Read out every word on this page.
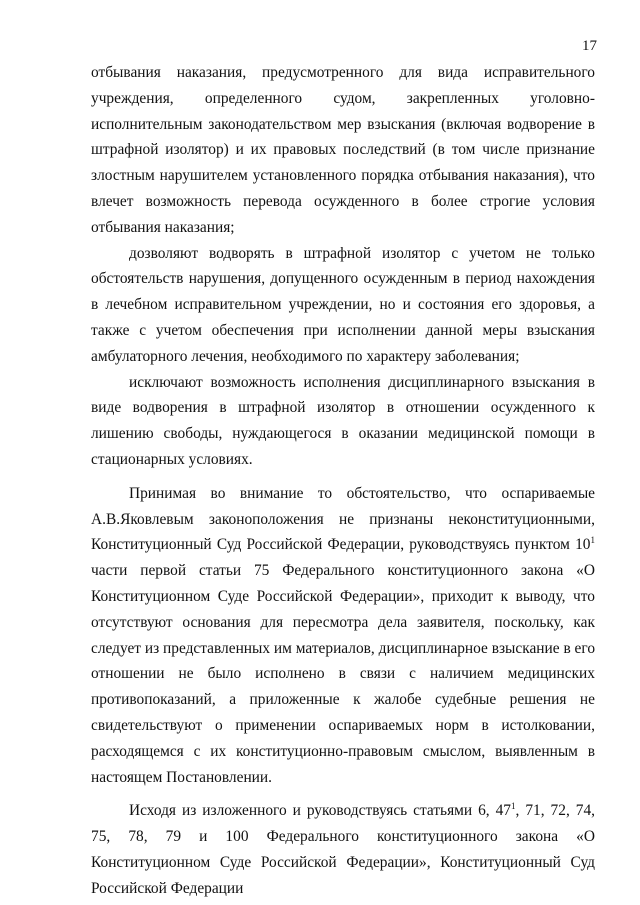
17

отбывания наказания, предусмотренного для вида исправительного учреждения, определенного судом, закрепленных уголовно-исполнительным законодательством мер взыскания (включая водворение в штрафной изолятор) и их правовых последствий (в том числе признание злостным нарушителем установленного порядка отбывания наказания), что влечет возможность перевода осужденного в более строгие условия отбывания наказания;

дозволяют водворять в штрафной изолятор с учетом не только обстоятельств нарушения, допущенного осужденным в период нахождения в лечебном исправительном учреждении, но и состояния его здоровья, а также с учетом обеспечения при исполнении данной меры взыскания амбулаторного лечения, необходимого по характеру заболевания;

исключают возможность исполнения дисциплинарного взыскания в виде водворения в штрафной изолятор в отношении осужденного к лишению свободы, нуждающегося в оказании медицинской помощи в стационарных условиях.

Принимая во внимание то обстоятельство, что оспариваемые А.В.Яковлевым законоположения не признаны неконституционными, Конституционный Суд Российской Федерации, руководствуясь пунктом $10^1$ части первой статьи 75 Федерального конституционного закона «О Конституционном Суде Российской Федерации», приходит к выводу, что отсутствуют основания для пересмотра дела заявителя, поскольку, как следует из представленных им материалов, дисциплинарное взыскание в его отношении не было исполнено в связи с наличием медицинских противопоказаний, а приложенные к жалобе судебные решения не свидетельствуют о применении оспариваемых норм в истолковании, расходящемся с их конституционно-правовым смыслом, выявленным в настоящем Постановлении.

Исходя из изложенного и руководствуясь статьями 6, $47^1$, 71, 72, 74, 75, 78, 79 и 100 Федерального конституционного закона «О Конституционном Суде Российской Федерации», Конституционный Суд Российской Федерации
